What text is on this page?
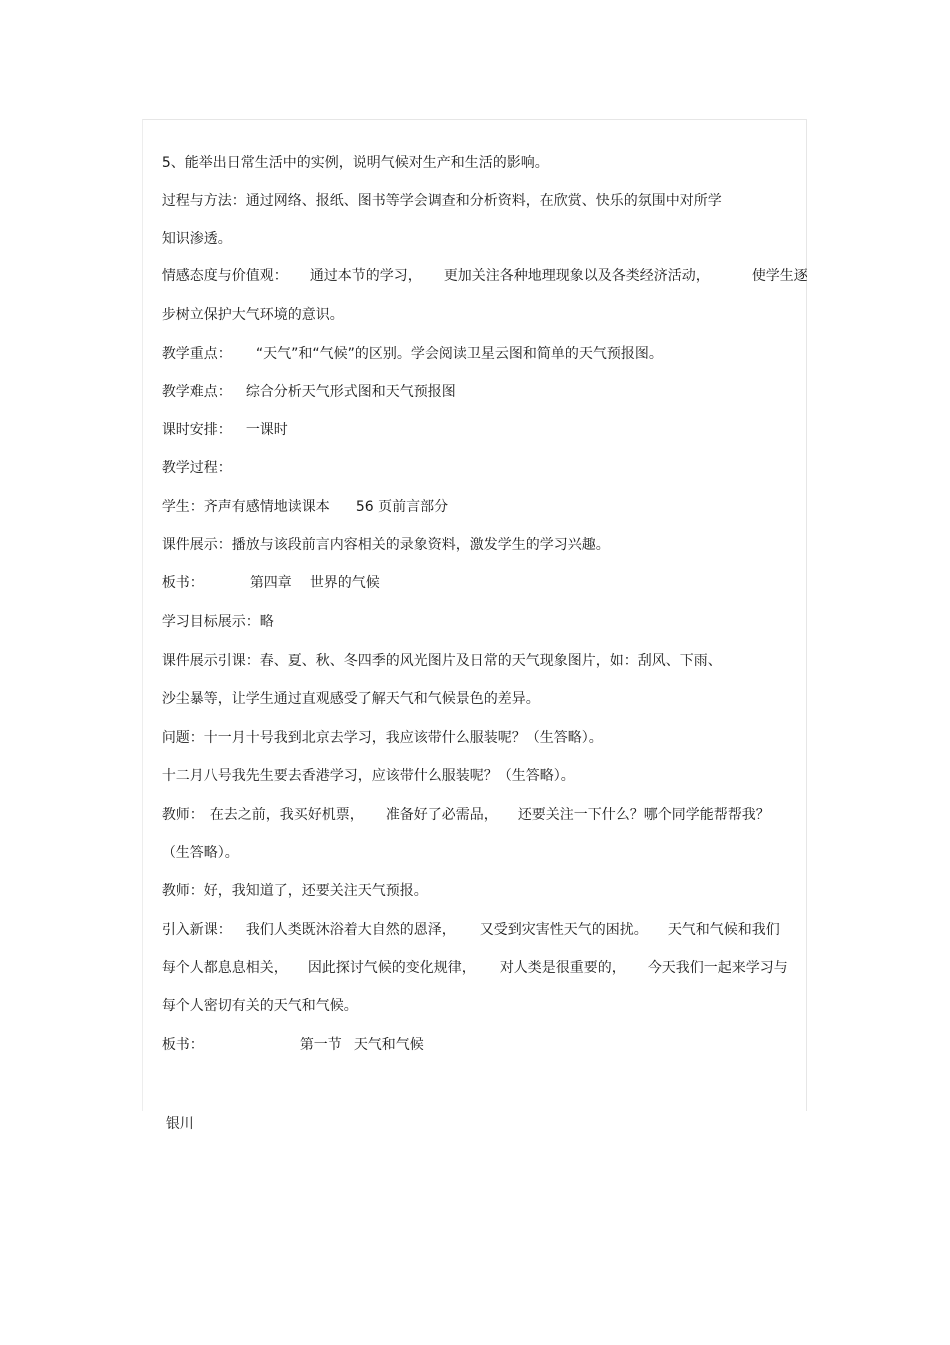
5、能举出日常生活中的实例，说明气候对生产和生活的影响。

过程与方法：通过网络、报纸、图书等学会调查和分析资料，在欣赏、快乐的氛围中对所学

知识渗透。

情感态度与价值观： 通过本节的学习， 更加关注各种地理现象以及各类经济活动，	使学生逐

步树立保护大气环境的意识。

教学重点： “天气”和“气候”的区别。学会阅读卫星云图和简单的天气预报图。

教学难点： 综合分析天气形式图和天气预报图

课时安排： 一课时

教学过程：

学生：齐声有感情地读课本 56 页前言部分

课件展示：播放与该段前言内容相关的录象资料，激发学生的学习兴趣。

板书：	第四章 世界的气候

学习目标展示：略

课件展示引课：春、夏、秋、冬四季的风光图片及日常的天气现象图片，如：刮风、下雨、

沙尘暴等，让学生通过直观感受了解天气和气候景色的差异。

问题：十一月十号我到北京去学习，我应该带什么服装呢？（生答略）。

十二月八号我先生要去香港学习，应该带什么服装呢？（生答略）。

教师： 在去之前，我买好机票， 准备好了必需品， 还要关注一下什么？哪个同学能帮帮我？

（生答略）。

教师：好，我知道了，还要关注天气预报。

引入新课： 我们人类既沐浴着大自然的恩泽， 又受到灾害性天气的困扰。 天气和气候和我们

每个人都息息相关， 因此探讨气候的变化规律， 对人类是很重要的， 今天我们一起来学习与

每个人密切有关的天气和气候。

板书：	第一节 天气和气候

银川
